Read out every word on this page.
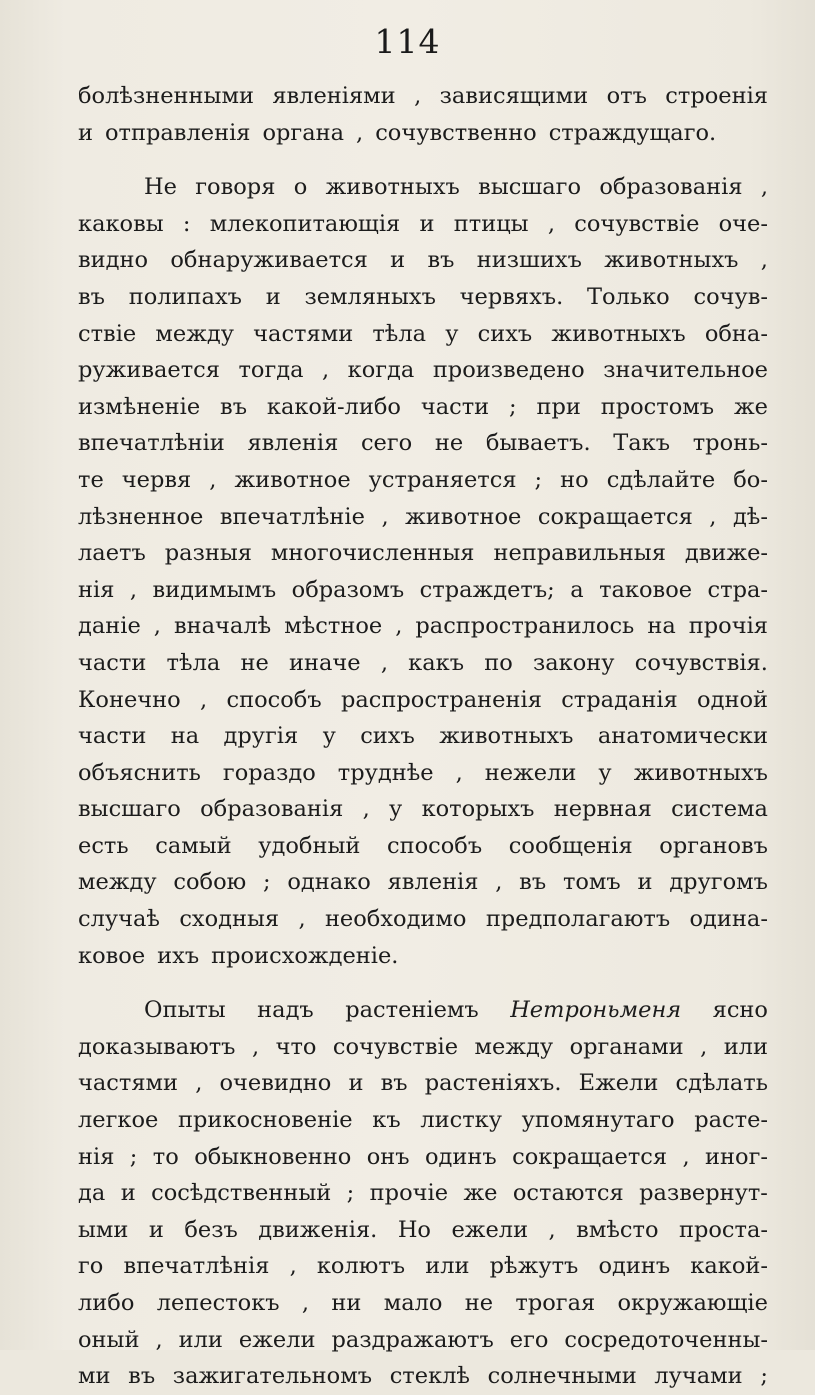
114
болѣзненными явленіями , зависящими отъ строенія
и отправленія органа , сочувственно страждущаго.
Не говоря о животныхъ высшаго образованія ,
каковы : млекопитающія и птицы , сочувствіе оче-
видно обнаруживается и въ низшихъ животныхъ ,
въ полипахъ и земляныхъ червяхъ. Только сочув-
ствіе между частями тѣла у сихъ животныхъ обна-
руживается тогда , когда произведено значительное
измѣненіе въ какой-либо части ; при простомъ же
впечатлѣніи явленія сего не бываетъ. Такъ тронь-
те червя , животное устраняется ; но сдѣлайте бо-
лѣзненное впечатлѣніе , животное сокращается , дѣ-
лаетъ разныя многочисленныя неправильныя движе-
нія , видимымъ образомъ страждетъ; а таковое стра-
даніе , вначалѣ мѣстное , распространилось на прочія
части тѣла не иначе , какъ по закону сочувствія.
Конечно , способъ распространенія страданія одной
части на другія у сихъ животныхъ анатомически
объяснить гораздо труднѣе , нежели у животныхъ
высшаго образованія , у которыхъ нервная система
есть самый удобный способъ сообщенія органовъ
между собою ; однако явленія , въ томъ и другомъ
случаѣ сходныя , необходимо предполагаютъ одина-
ковое ихъ происхожденіе.
Опыты надъ растеніемъ Нетроньменя ясно
доказываютъ , что сочувствіе между органами , или
частями , очевидно и въ растеніяхъ. Ежели сдѣлать
легкое прикосновеніе къ листку упомянутаго расте-
нія ; то обыкновенно онъ одинъ сокращается , иног-
да и сосѣдственный ; прочіе же остаются развернут-
ыми и безъ движенія. Но ежели , вмѣсто проста-
го впечатлѣнія , колютъ или рѣжутъ одинъ какой-
либо лепестокъ , ни мало не трогая окружающіе
оный , или ежели раздражаютъ его сосредоточенны-
ми въ зажигательномъ стеклѣ солнечными лучами ;
